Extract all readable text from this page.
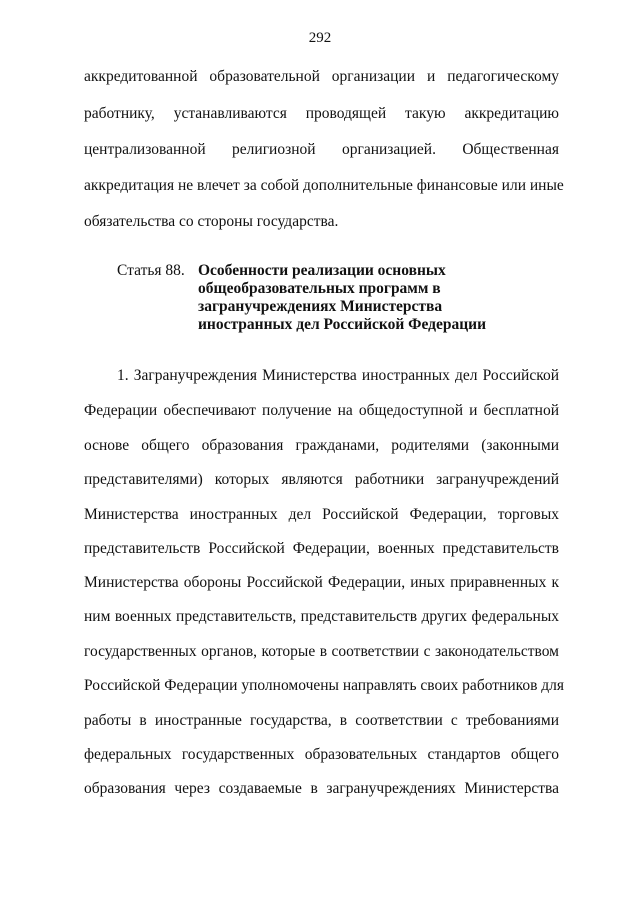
292
аккредитованной образовательной организации и педагогическому
работнику, устанавливаются проводящей такую аккредитацию
централизованной религиозной организацией. Общественная
аккредитация не влечет за собой дополнительные финансовые или иные
обязательства со стороны государства.
Статья 88. Особенности реализации основных
общеобразовательных программ в
загранучреждениях Министерства
иностранных дел Российской Федерации
1. Загранучреждения Министерства иностранных дел Российской
Федерации обеспечивают получение на общедоступной и бесплатной
основе общего образования гражданами, родителями (законными
представителями) которых являются работники загранучреждений
Министерства иностранных дел Российской Федерации, торговых
представительств Российской Федерации, военных представительств
Министерства обороны Российской Федерации, иных приравненных к
ним военных представительств, представительств других федеральных
государственных органов, которые в соответствии с законодательством
Российской Федерации уполномочены направлять своих работников для
работы в иностранные государства, в соответствии с требованиями
федеральных государственных образовательных стандартов общего
образования через создаваемые в загранучреждениях Министерства
